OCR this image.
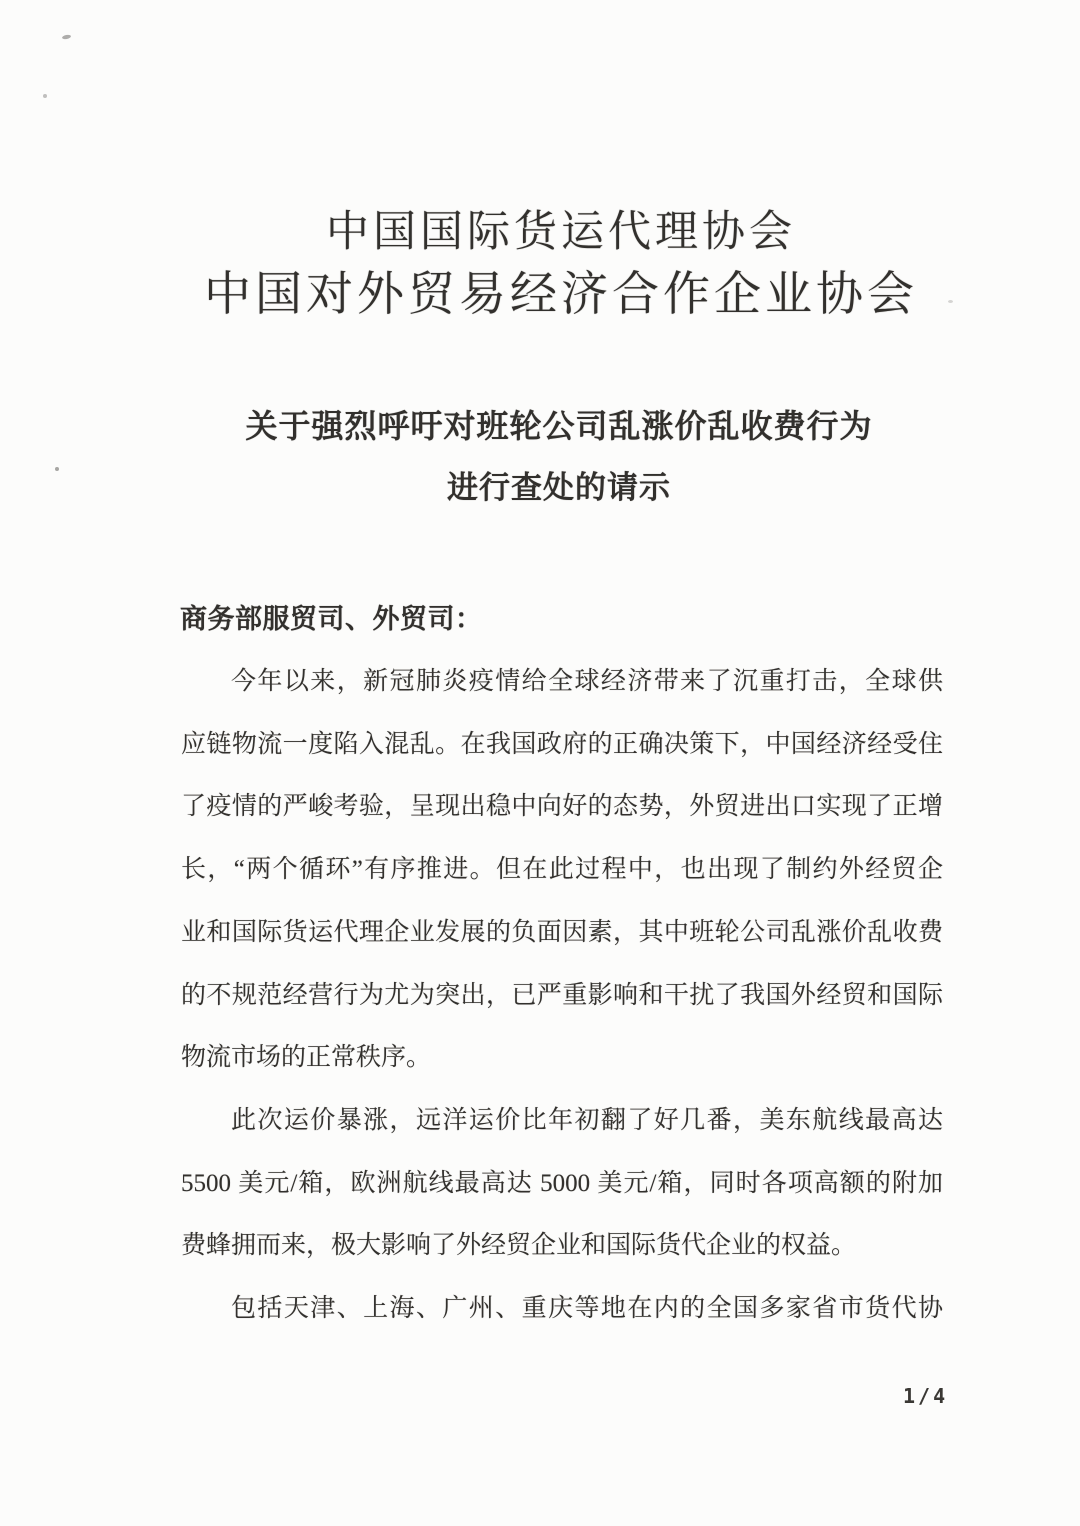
中国国际货运代理协会
中国对外贸易经济合作企业协会
关于强烈呼吁对班轮公司乱涨价乱收费行为
进行查处的请示
商务部服贸司、外贸司：
今年以来，新冠肺炎疫情给全球经济带来了沉重打击，全球供
应链物流一度陷入混乱。在我国政府的正确决策下，中国经济经受住
了疫情的严峻考验，呈现出稳中向好的态势，外贸进出口实现了正增
长，“两个循环”有序推进。但在此过程中，也出现了制约外经贸企
业和国际货运代理企业发展的负面因素，其中班轮公司乱涨价乱收费
的不规范经营行为尤为突出，已严重影响和干扰了我国外经贸和国际
物流市场的正常秩序。
此次运价暴涨，远洋运价比年初翻了好几番，美东航线最高达
5500 美元/箱，欧洲航线最高达 5000 美元/箱，同时各项高额的附加
费蜂拥而来，极大影响了外经贸企业和国际货代企业的权益。
包括天津、上海、广州、重庆等地在内的全国多家省市货代协
1/4
